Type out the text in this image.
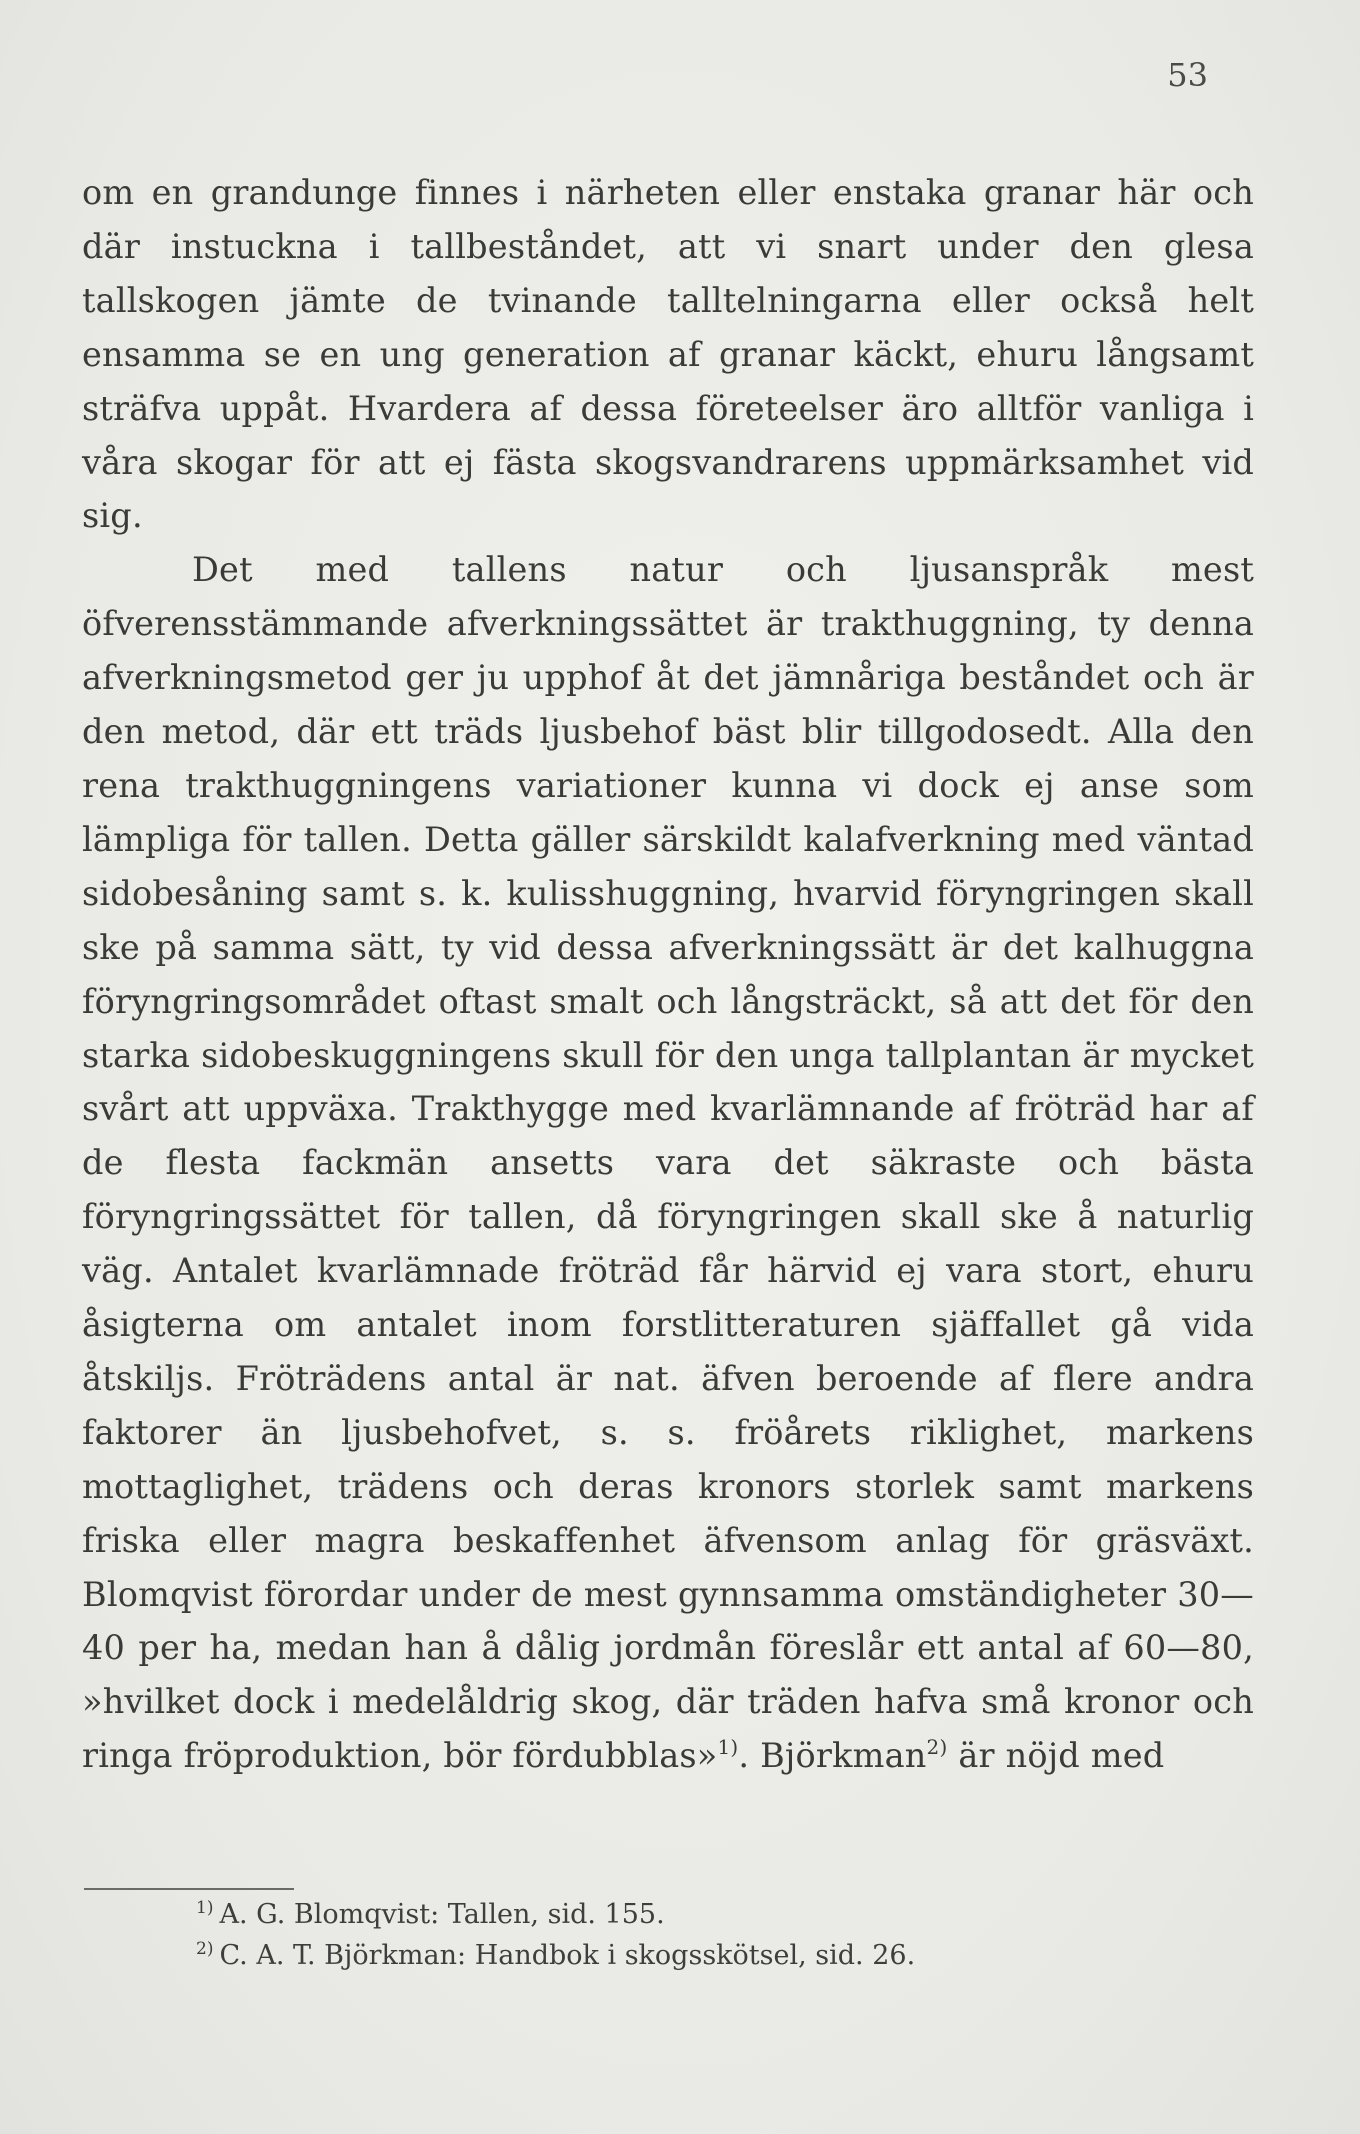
53

om en grandunge finnes i närheten eller enstaka granar här och där instuckna i tallbeståndet, att vi snart under den glesa tallskogen jämte de tvinande talltelningarna eller också helt ensamma se en ung generation af granar käckt, ehuru långsamt sträfva uppåt. Hvardera af dessa företeelser äro alltför vanliga i våra skogar för att ej fästa skogsvandrarens uppmärksamhet vid sig.

Det med tallens natur och ljusanspråk mest öfverensstämmande afverkningssättet är trakthuggning, ty denna afverkningsmetod ger ju upphof åt det jämnåriga beståndet och är den metod, där ett träds ljusbehof bäst blir tillgodosedt. Alla den rena trakthuggningens variationer kunna vi dock ej anse som lämpliga för tallen. Detta gäller särskildt kalafverkning med väntad sidobesåning samt s. k. kulisshuggning, hvarvid föryngringen skall ske på samma sätt, ty vid dessa afverkningssätt är det kalhuggna föryngringsområdet oftast smalt och långsträckt, så att det för den starka sidobeskuggningens skull för den unga tallplantan är mycket svårt att uppväxa. Trakthygge med kvarlämnande af fröträd har af de flesta fackmän ansetts vara det säkraste och bästa föryngringssättet för tallen, då föryngringen skall ske å naturlig väg. Antalet kvarlämnade fröträd får härvid ej vara stort, ehuru åsigterna om antalet inom forstlitteraturen sjäffallet gå vida åtskiljs. Fröträdens antal är nat. äfven beroende af flere andra faktorer än ljusbehofvet, s. s. fröårets riklighet, markens mottaglighet, trädens och deras kronors storlek samt markens friska eller magra beskaffenhet äfvensom anlag för gräsväxt. Blomqvist förordar under de mest gynnsamma omständigheter 30—40 per ha, medan han å dålig jordmån föreslår ett antal af 60—80, »hvilket dock i medelåldrig skog, där träden hafva små kronor och ringa fröproduktion, bör fördubblas»$^{1)}$. Björkman$^{2)}$ är nöjd med

$^{1)}$ A. G. Blomqvist: Tallen, sid. 155.
$^{2)}$ C. A. T. Björkman: Handbok i skogsskötsel, sid. 26.
